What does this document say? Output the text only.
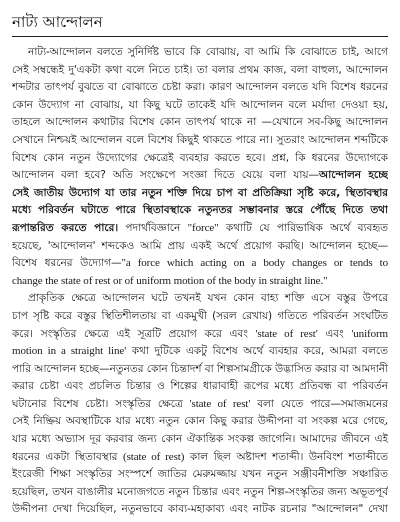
নাট্য আন্দোলন
নাট্য-আন্দোলন বলতে সুনির্দিষ্ট ভাবে কি বোঝায়, বা আমি কি বোঝাতে চাই, আগে
সেই সম্বন্ধেই দু'একটা কথা বলে নিতে চাই। তা বলার প্রথম কাজ, বলা বাহুল্য, আন্দোলন
শব্দটার তাৎপর্য বুঝতে বা বোঝাতে চেষ্টা করা। কারণ আন্দোলন বলতে যদি বিশেষ ধরনের
কোন উদ্যোগ না বোঝায়, যা কিছু ঘটে তাকেই যদি আন্দোলন বলে মর্যাদা দেওয়া হয়,
তাহলে আন্দোলন কথাটার বিশেষ কোন তাৎপর্য থাকে না —যেখানে সব-কিছু আন্দোলন
সেখানে নিশ্চয়ই আন্দোলন বলে বিশেষ কিছুই থাকতে পারে না। সুতরাং আন্দোলন শব্দটিকে
বিশেষ কোন নতুন উদ্যোগের ক্ষেত্রেই ব্যবহার করতে হবে। প্রশ্ন, কি ধরনের উদ্যোগকে
আন্দোলন বলা হবে? অতি সংক্ষেপে সংজ্ঞা দিতে যেয়ে বলা যায়—আন্দোলন হচ্ছে
সেই জাতীয় উদ্যোগ যা তার নতুন শক্তি দিয়ে চাপ বা প্রতিক্রিয়া সৃষ্টি করে, স্থিতাবস্থার
মধ্যে পরিবর্তন ঘটাতে পারে স্থিতাবস্থাকে নতুনতর সম্ভাবনার স্তরে পৌঁছে দিতে তথা
রূপান্তরিত করতে পারে। পদার্থবিজ্ঞানে "force" কথাটি যে পারিভাষিক অর্থে ব্যবহৃত
হয়েছে, 'আন্দোলন' শব্দকেও আমি প্রায় একই অর্থে প্রয়োগ করছি। আন্দোলন হচ্ছে—
বিশেষ ধরনের উদ্যোগ—"a force which acting on a body changes or tends to
change the state of rest or of uniform motion of the body in straight line."
প্রাকৃতিক ক্ষেত্রে আন্দোলন ঘটে তখনই যখন কোন বাহ্য শক্তি এসে বস্তুর উপরে
চাপ সৃষ্টি করে বস্তুর স্থিতিশীলতায় বা একমুখী (সরল রেখায়) গতিতে পরিবর্তন সংঘটিত
করে। সংস্কৃতির ক্ষেত্রে এই সূত্রটি প্রয়োগ করে এবং 'state of rest' এবং 'uniform
motion in a straight line' কথা দুটিকে একটু বিশেষ অর্থে ব্যবহার করে, আমরা বলতে
পারি আন্দোলন হচ্ছে—নতুনতর কোন চিন্তাদর্শ বা শিল্পসামগ্রীকে উদ্ভাসিত করার বা আমদানী
করার চেষ্টা এবং প্রচলিত চিন্তার ও শিল্পের ধারাবাহী রূপের মধ্যে প্রতিবন্ধ বা পরিবর্তন
ঘটানোর বিশেষ চেষ্টা। সংস্কৃতির ক্ষেত্রে 'state of rest' বলা যেতে পারে—সমাজমনের
সেই নিষ্ক্রিয় অবস্থাটিকে যার মধ্যে নতুন কোন কিছু করার উদ্দীপনা বা সংকল্প মরে গেছে,
যার মধ্যে অভ্যাস দূর করবার জন্য কোন ঐকান্তিক সংকল্প জাগেনি। আমাদের জীবনে এই
ধরনের একটা স্থিতাবস্থার (state of rest) কাল ছিল অষ্টাদশ শতাব্দী। উনবিংশ শতাব্দীতে
ইংরেজী শিক্ষা সংস্কৃতির সংস্পর্শে জাতির মেরুমজ্জায় যখন নতুন সঞ্জীবনীশক্তি সঞ্চারিত
হয়েছিল, তখন বাঙালীর মনোজগতে নতুন চিন্তার এবং নতুন শিল্প-সংস্কৃতির জন্য অভূতপূর্ব
উদ্দীপনা দেখা দিয়েছিল, নতুনভাবে কাব্য-মহাকাব্য এবং নাটক রচনার "আন্দোলন" দেখা
